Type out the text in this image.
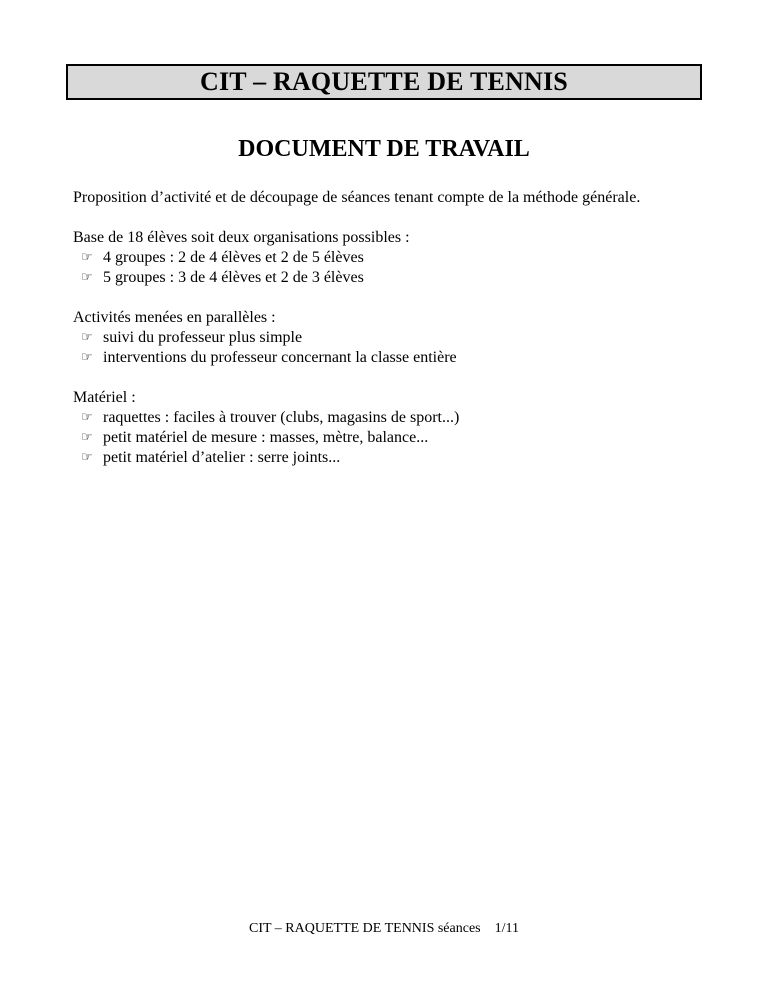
CIT – RAQUETTE DE TENNIS
DOCUMENT DE TRAVAIL

Proposition d’activité et de découpage de séances tenant compte de la méthode générale.

Base de 18 élèves soit deux organisations possibles :
☞ 4 groupes : 2 de 4 élèves et 2 de 5 élèves
☞ 5 groupes : 3 de 4 élèves et 2 de 3 élèves
Activités menées en parallèles :
☞ suivi du professeur plus simple
☞ interventions du professeur concernant la classe entière
Matériel :
☞ raquettes : faciles à trouver (clubs, magasins de sport...)
☞ petit matériel de mesure : masses, mètre, balance...
☞ petit matériel d’atelier : serre joints...
CIT – RAQUETTE DE TENNIS séances 1/11
